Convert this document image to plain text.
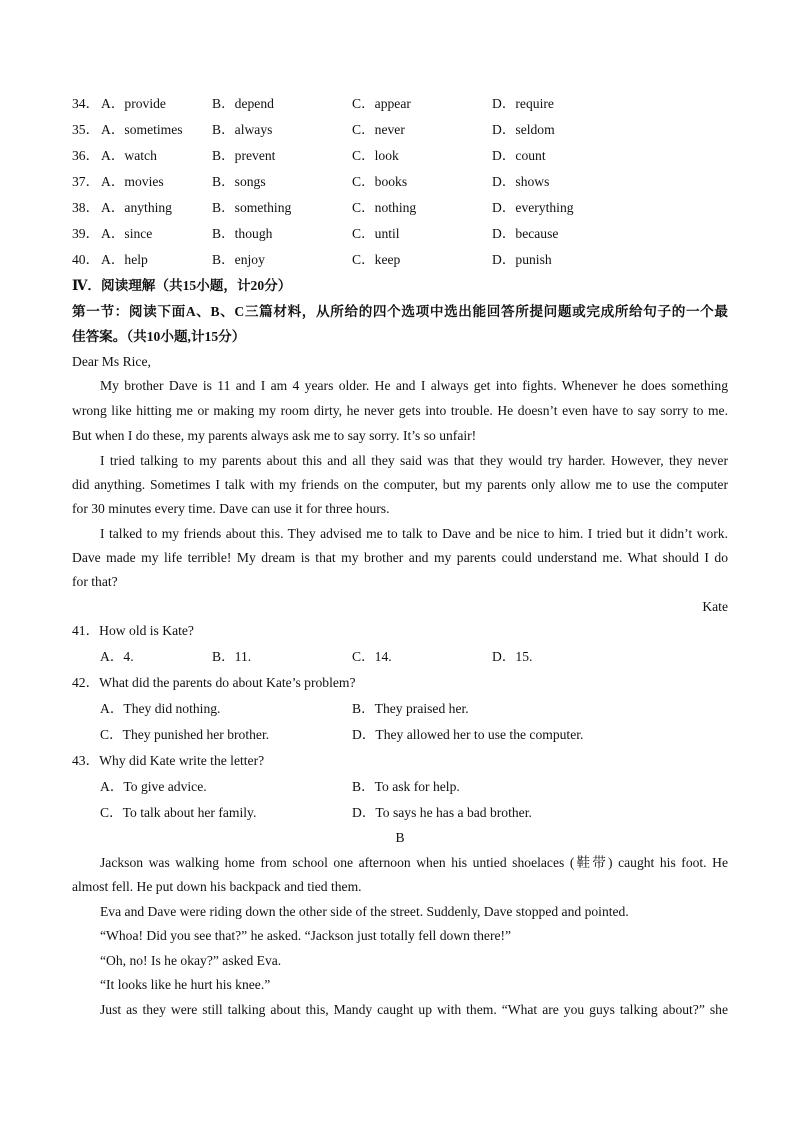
34． A．provide	B．depend	C．appear	D．require
35． A．sometimes B．always	C．never	D．seldom
36． A．watch	B．prevent	C．look	D．count
37． A．movies	B．songs	C．books	D．shows
38． A．anything	B．something	C．nothing	D．everything
39． A．since	B．though	C．until	D．because
40． A．help	B．enjoy	C．keep	D．punish
Ⅳ．阅读理解（共15小题，计20分）
第一节：阅读下面A、B、C三篇材料，从所给的四个选项中选出能回答所提问题或完成所给句子的一个最
佳答案。（共10小题,计15分）
Dear Ms Rice,
My brother Dave is 11 and I am 4 years older. He and I always get into fights. Whenever he does something
wrong like hitting me or making my room dirty, he never gets into trouble. He doesn’t even have to say sorry to me.
But when I do these, my parents always ask me to say sorry. It’s so unfair!
I tried talking to my parents about this and all they said was that they would try harder. However, they never
did anything. Sometimes I talk with my friends on the computer, but my parents only allow me to use the computer
for 30 minutes every time. Dave can use it for three hours.
I talked to my friends about this. They advised me to talk to Dave and be nice to him. I tried but it didn’t work.
Dave made my life terrible! My dream is that my brother and my parents could understand me. What should I do
for that?
Kate
41．How old is Kate?
A．4.	B．11.	C．14.	D．15.
42．What did the parents do about Kate’s problem?
A．They did nothing.	B．They praised her.
C．They punished her brother.	D．They allowed her to use the computer.
43．Why did Kate write the letter?
A．To give advice.	B．To ask for help.
C．To talk about her family.	D．To says he has a bad brother.
B
Jackson was walking home from school one afternoon when his untied shoelaces (鞋带) caught his foot. He
almost fell. He put down his backpack and tied them.
Eva and Dave were riding down the other side of the street. Suddenly, Dave stopped and pointed.
“Whoa! Did you see that?” he asked. “Jackson just totally fell down there!”
“Oh, no! Is he okay?” asked Eva.
“It looks like he hurt his knee.”
Just as they were still talking about this, Mandy caught up with them. “What are you guys talking about?” she
